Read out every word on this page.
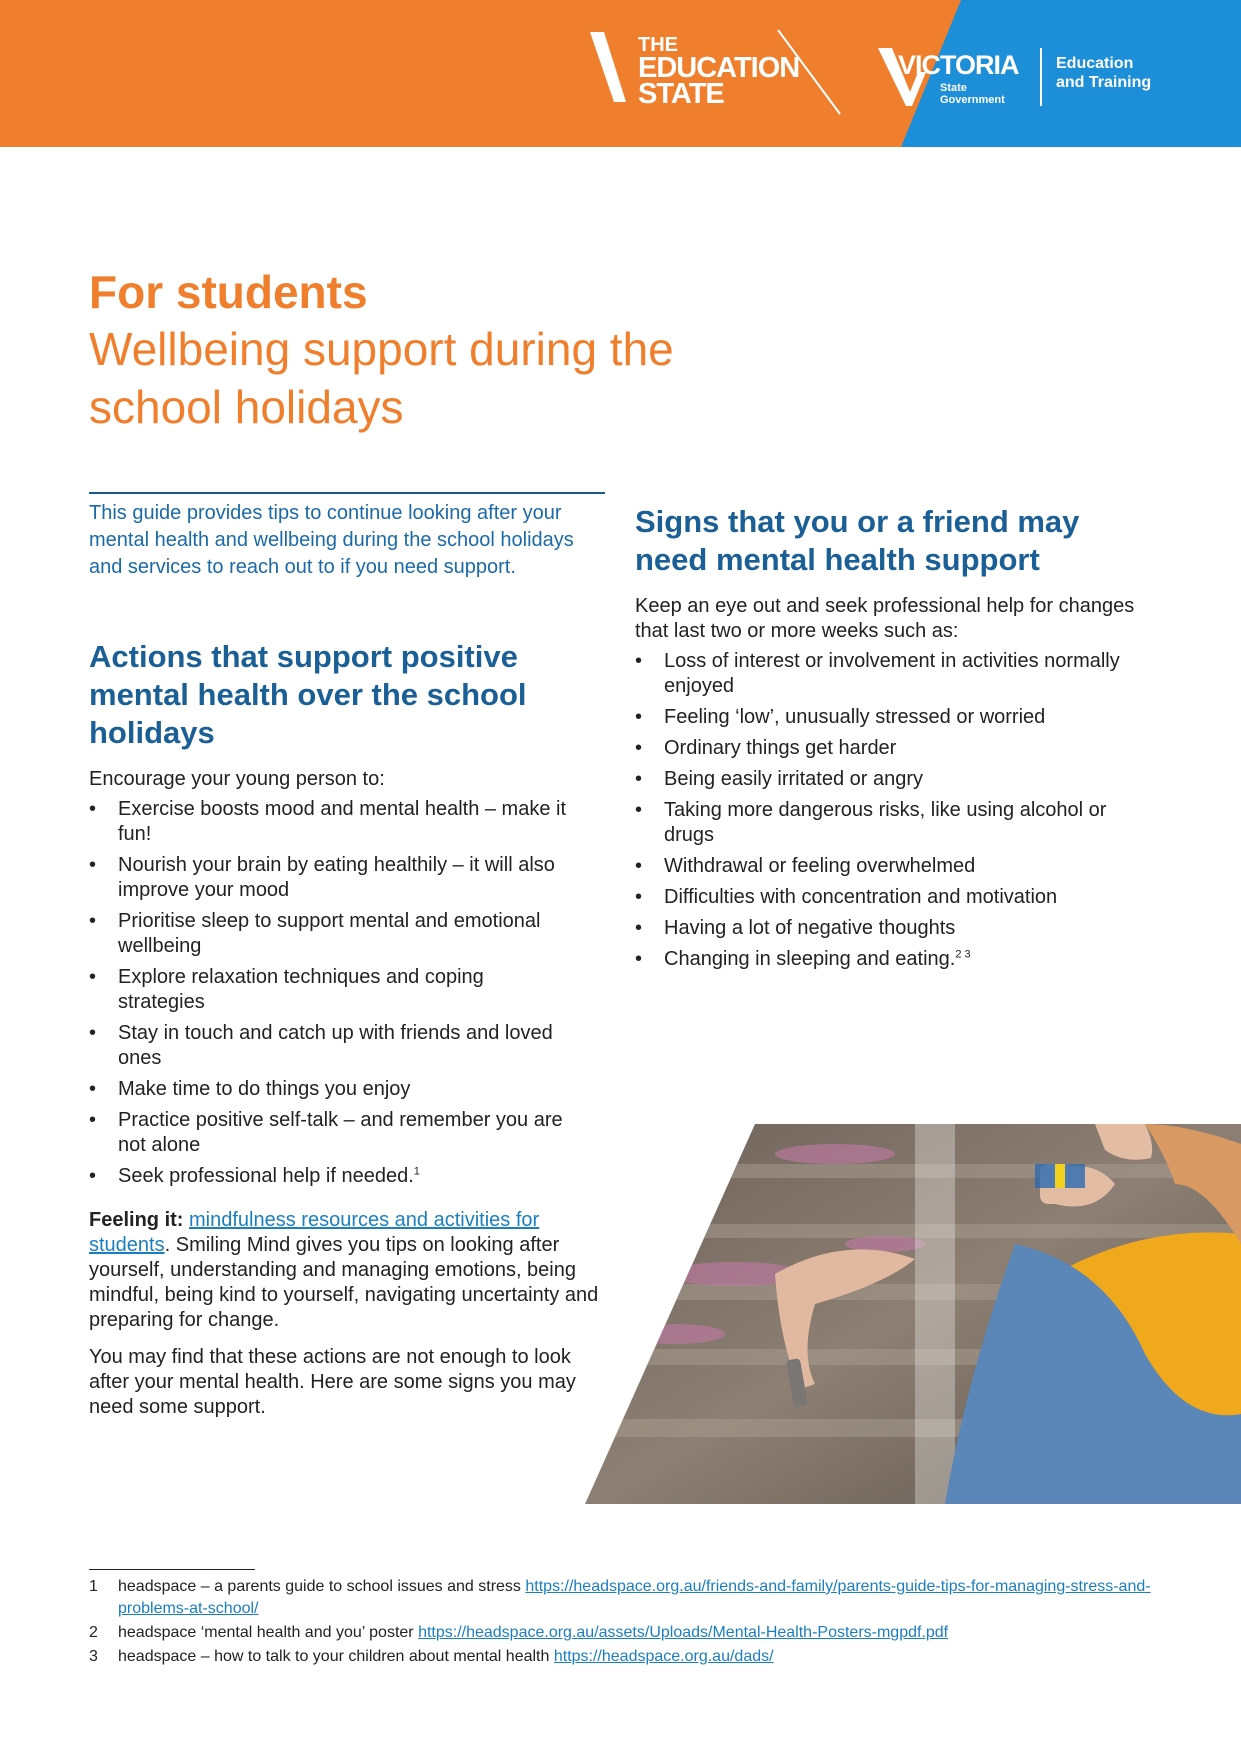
THE
EDUCATION
STATE
VICTORIA
State
Government
Education
and Training
For students
Wellbeing support during the school holidays
This guide provides tips to continue looking after your mental health and wellbeing during the school holidays and services to reach out to if you need support.
Actions that support positive mental health over the school holidays
Encourage your young person to:
• Exercise boosts mood and mental health – make it fun!
• Nourish your brain by eating healthily – it will also improve your mood
• Prioritise sleep to support mental and emotional wellbeing
• Explore relaxation techniques and coping strategies
• Stay in touch and catch up with friends and loved ones
• Make time to do things you enjoy
• Practice positive self-talk – and remember you are not alone
• Seek professional help if needed.$^1$
Feeling it: mindfulness resources and activities for students. Smiling Mind gives you tips on looking after yourself, understanding and managing emotions, being mindful, being kind to yourself, navigating uncertainty and preparing for change.
You may find that these actions are not enough to look after your mental health. Here are some signs you may need some support.
Signs that you or a friend may need mental health support
Keep an eye out and seek professional help for changes that last two or more weeks such as:
• Loss of interest or involvement in activities normally enjoyed
• Feeling ‘low’, unusually stressed or worried
• Ordinary things get harder
• Being easily irritated or angry
• Taking more dangerous risks, like using alcohol or drugs
• Withdrawal or feeling overwhelmed
• Difficulties with concentration and motivation
• Having a lot of negative thoughts
• Changing in sleeping and eating.$^{2 3}$
1 headspace – a parents guide to school issues and stress https://headspace.org.au/friends-and-family/parents-guide-tips-for-managing-stress-and-problems-at-school/
2 headspace ‘mental health and you’ poster https://headspace.org.au/assets/Uploads/Mental-Health-Posters-mgpdf.pdf
3 headspace – how to talk to your children about mental health https://headspace.org.au/dads/
